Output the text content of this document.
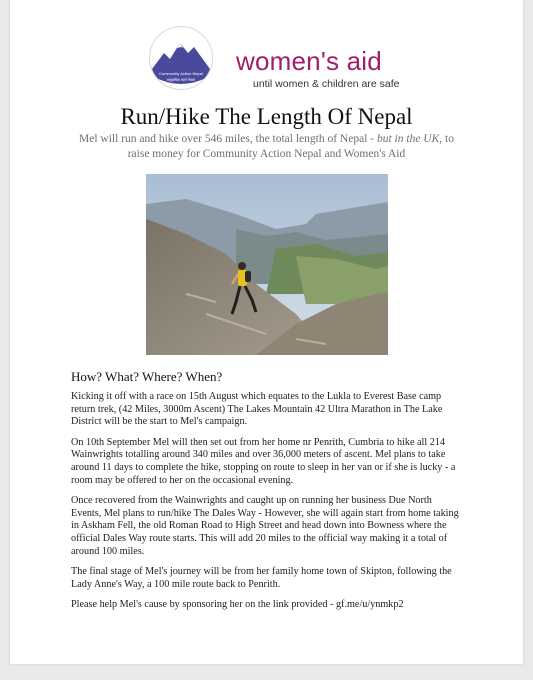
Community Action Nepal
समुदायिक कार्य नेपाल
women's aid
until women & children are safe
Run/Hike The Length Of Nepal
Mel will run and hike over 546 miles, the total length of Nepal - but in the UK, to raise money for Community Action Nepal and Women's Aid
How? What? Where? When?

Kicking it off with a race on 15th August which equates to the Lukla to Everest Base camp return trek, (42 Miles, 3000m Ascent) The Lakes Mountain 42 Ultra Marathon in The Lake District will be the start to Mel's campaign.

On 10th September Mel will then set out from her home nr Penrith, Cumbria to hike all 214 Wainwrights totalling around 340 miles and over 36,000 meters of ascent. Mel plans to take around 11 days to complete the hike, stopping on route to sleep in her van or if she is lucky - a room may be offered to her on the occasional evening.

Once recovered from the Wainwrights and caught up on running her business Due North Events, Mel plans to run/hike The Dales Way - However, she will again start from home taking in Askham Fell, the old Roman Road to High Street and head down into Bowness where the official Dales Way route starts. This will add 20 miles to the official way making it a total of around 100 miles.

The final stage of Mel's journey will be from her family home town of Skipton, following the Lady Anne's Way, a 100 mile route back to Penrith.

Please help Mel's cause by sponsoring her on the link provided - gf.me/u/ynmkp2
